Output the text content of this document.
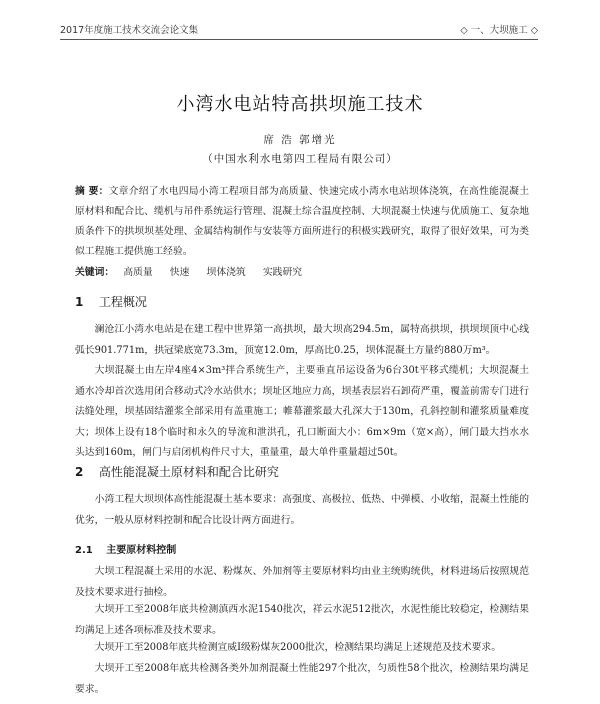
2017年度施工技术交流会论文集	◇ 一、大坝施工 ◇
小湾水电站特高拱坝施工技术
席 浩 郭增光
（中国水利水电第四工程局有限公司）
摘 要：文章介绍了水电四局小湾工程项目部为高质量、快速完成小湾水电站坝体浇筑，在高性能混凝土原材料和配合比、缆机与吊件系统运行管理、混凝土综合温度控制、大坝混凝土快速与优质施工、复杂地质条件下的拱坝坝基处理、金属结构制作与安装等方面所进行的积极实践研究，取得了很好效果，可为类似工程施工提供施工经验。
关键词： 高质量 快速 坝体浇筑 实践研究
1 工程概况
澜沧江小湾水电站是在建工程中世界第一高拱坝，最大坝高294.5m，属特高拱坝，拱坝坝顶中心线弧长901.771m，拱冠梁底宽73.3m，顶宽12.0m，厚高比0.25，坝体混凝土方量约880万m³。
大坝混凝土由左岸4座4×3m³拌合系统生产，主要垂直吊运设备为6台30t平移式缆机；大坝混凝土通水冷却首次选用闭合移动式冷水站供水；坝址区地应力高，坝基表层岩石卸荷严重，覆盖前需专门进行法缝处理，坝基固结灌浆全部采用有盖重施工；帷幕灌浆最大孔深大于130m，孔斜控制和灌浆质量难度大；坝体上设有18个临时和永久的导流和泄洪孔，孔口断面大小：6m×9m（宽×高），闸门最大挡水水头达到160m，闸门与启闭机构件尺寸大，重量重，最大单件重量超过50t。
2 高性能混凝土原材料和配合比研究
小湾工程大坝坝体高性能混凝土基本要求：高强度、高极拉、低热、中弹模、小收缩，混凝土性能的优劣，一般从原材料控制和配合比设计两方面进行。
2.1 主要原材料控制
大坝工程混凝土采用的水泥、粉煤灰、外加剂等主要原材料均由业主统购统供，材料进场后按照规范及技术要求进行抽检。
大坝开工至2008年底共检测滇西水泥1540批次，祥云水泥512批次，水泥性能比较稳定，检测结果均满足上述各项标准及技术要求。
大坝开工至2008年底共检测宣威Ⅰ级粉煤灰2000批次，检测结果均满足上述规范及技术要求。
大坝开工至2008年底共检测各类外加剂混凝土性能297个批次，匀质性58个批次，检测结果均满足要求。
